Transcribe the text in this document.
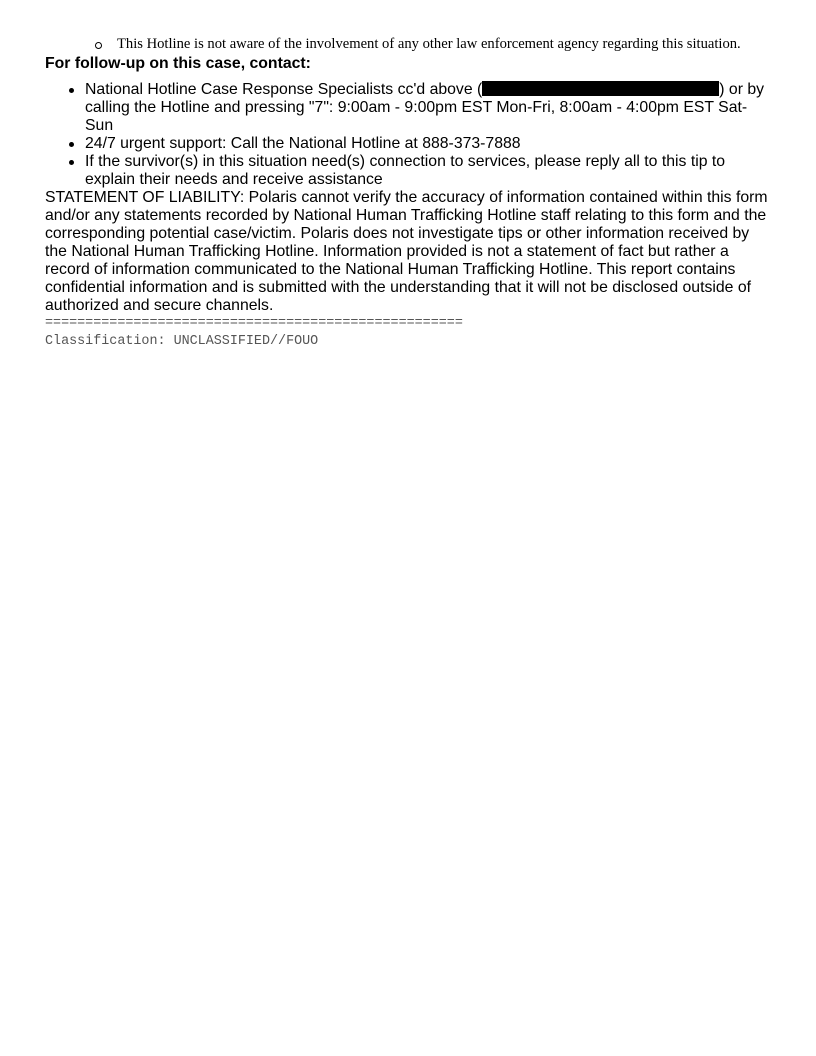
This Hotline is not aware of the involvement of any other law enforcement agency regarding this situation.

For follow-up on this case, contact:

National Hotline Case Response Specialists cc'd above (	) or by calling the Hotline and pressing "7": 9:00am - 9:00pm EST Mon-Fri, 8:00am - 4:00pm EST Sat-Sun
24/7 urgent support: Call the National Hotline at 888-373-7888
If the survivor(s) in this situation need(s) connection to services, please reply all to this tip to explain their needs and receive assistance

STATEMENT OF LIABILITY: Polaris cannot verify the accuracy of information contained within this form and/or any statements recorded by National Human Trafficking Hotline staff relating to this form and the corresponding potential case/victim. Polaris does not investigate tips or other information received by the National Human Trafficking Hotline. Information provided is not a statement of fact but rather a record of information communicated to the National Human Trafficking Hotline. This report contains confidential information and is submitted with the understanding that it will not be disclosed outside of authorized and secure channels.

====================================================

Classification: UNCLASSIFIED//FOUO
